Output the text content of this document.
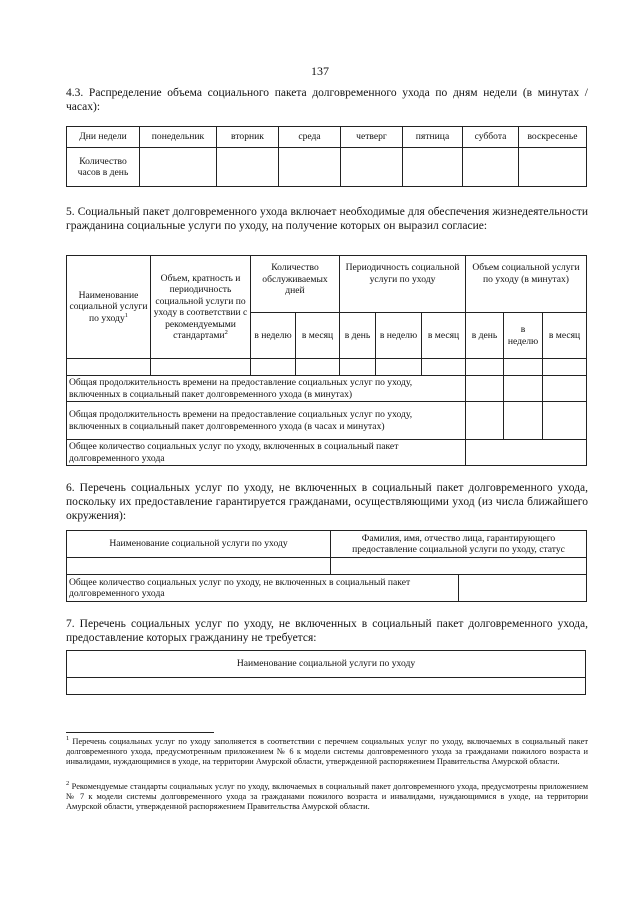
137
4.3. Распределение объема социального пакета долговременного ухода по дням недели (в минутах /часах):
Дни недели	понедельник	вторник	среда	четверг	пятница	суббота	воскресенье
Количество часов в день							
5. Социальный пакет долговременного ухода включает необходимые для обеспечения жизнедеятельности гражданина социальные услуги по уходу, на получение которых он выразил согласие:
Наименование социальной услуги по уходу$^1$	Объем, кратность и периодичность социальной услуги по уходу в соответствии с рекомендуемыми стандартами$^2$	Количество обслуживаемых дней		Периодичность социальной услуги по уходу			Объем социальной услуги по уходу (в минутах)		
		в неделю	в месяц	в день	в неделю	в месяц	в день	в неделю	в месяц

Общая продолжительность времени на предоставление социальных услуг по уходу, включенных в социальный пакет долговременного ухода (в минутах)									
Общая продолжительность времени на предоставление социальных услуг по уходу, включенных в социальный пакет долговременного ухода (в часах и минутах)									
Общее количество социальных услуг по уходу, включенных в социальный пакет долговременного ухода									
6. Перечень социальных услуг по уходу, не включенных в социальный пакет долговременного ухода, поскольку их предоставление гарантируется гражданами, осуществляющими уход (из числа ближайшего окружения):
Наименование социальной услуги по уходу	Фамилия, имя, отчество лица, гарантирующего предоставление социальной услуги по уходу, статус	

Общее количество социальных услуг по уходу, не включенных в социальный пакет долговременного ухода		
7. Перечень социальных услуг по уходу, не включенных в социальный пакет долговременного ухода, предоставление которых гражданину не требуется:
Наименование социальной услуги по уходу

$^1$ Перечень социальных услуг по уходу заполняется в соответствии с перечнем социальных услуг по уходу, включаемых в социальный пакет долговременного ухода, предусмотренным приложением № 6 к модели системы долговременного ухода за гражданами пожилого возраста и инвалидами, нуждающимися в уходе, на территории Амурской области, утвержденной распоряжением Правительства Амурской области.
$^2$ Рекомендуемые стандарты социальных услуг по уходу, включаемых в социальный пакет долговременного ухода, предусмотрены приложением № 7 к модели системы долговременного ухода за гражданами пожилого возраста и инвалидами, нуждающимися в уходе, на территории Амурской области, утвержденной распоряжением Правительства Амурской области.
